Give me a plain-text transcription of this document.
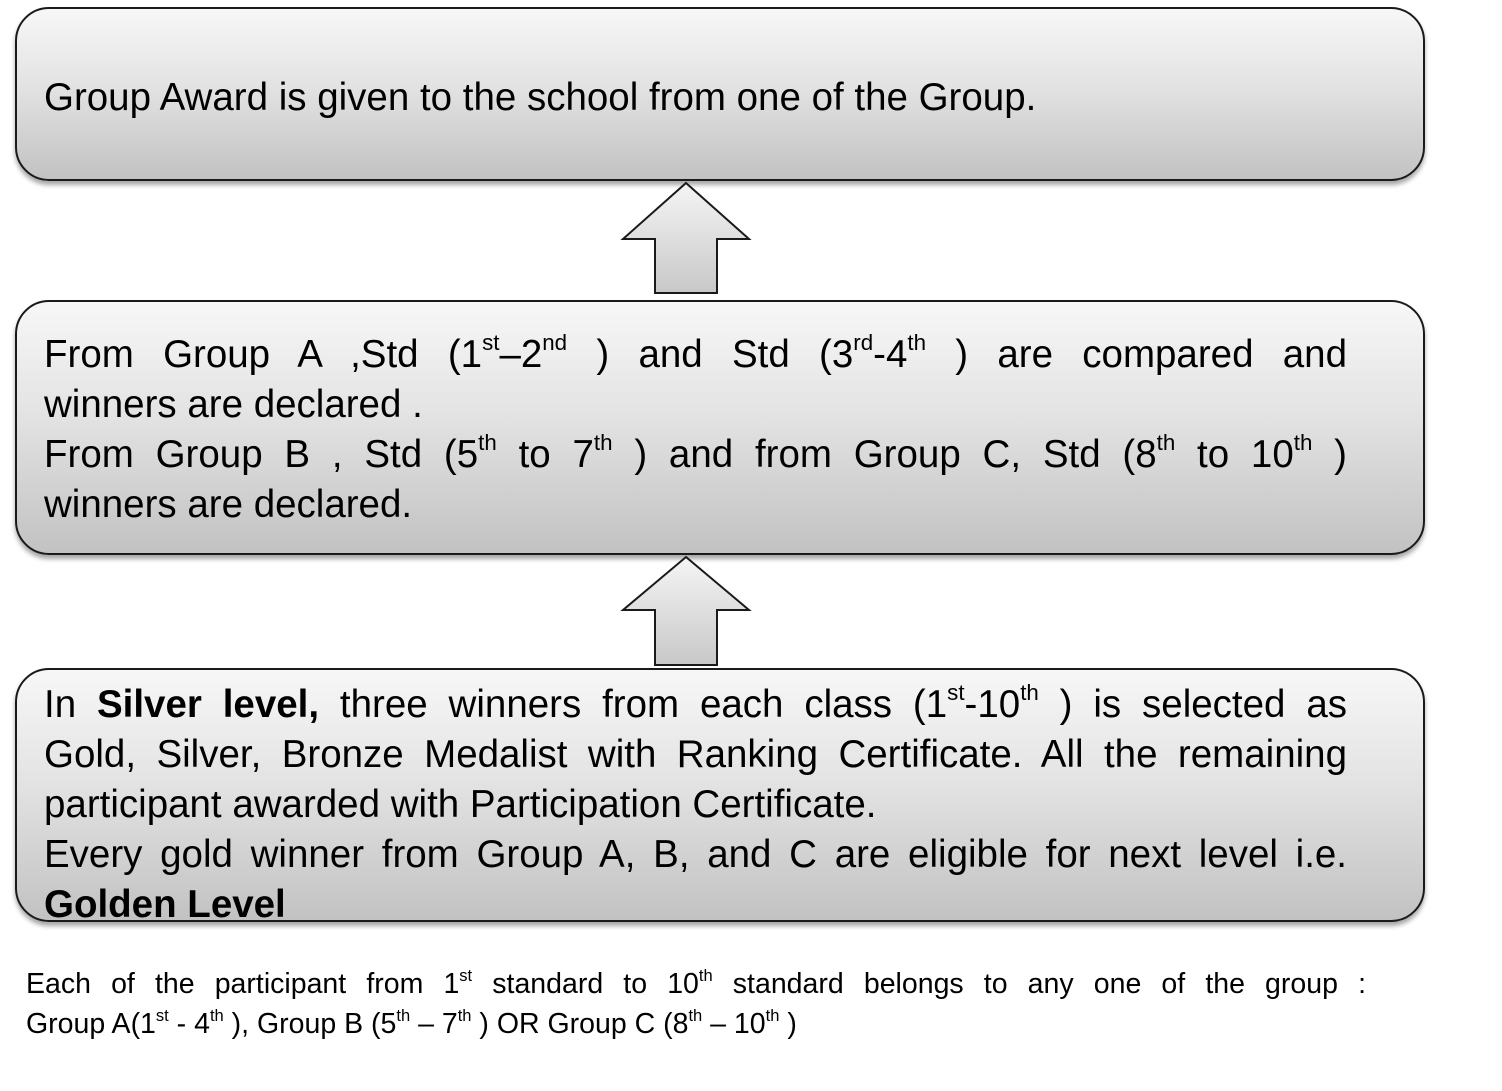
Group Award is given to the school from one of the Group.

From Group A ,Std (1st–2nd ) and Std (3rd-4th ) are compared and

winners are declared .

From Group B , Std (5th to 7th ) and from Group C, Std (8th to 10th )

winners are declared.

In Silver level, three winners from each class (1st-10th ) is selected as

Gold, Silver, Bronze Medalist with Ranking Certificate. All the remaining

participant awarded with Participation Certificate.

Every gold winner from Group A, B, and C are eligible for next level i.e.

Golden Level

Each of the participant from 1st standard to 10th standard belongs to any one of the group :

Group A(1st - 4th ), Group B (5th – 7th ) OR Group C (8th – 10th )
